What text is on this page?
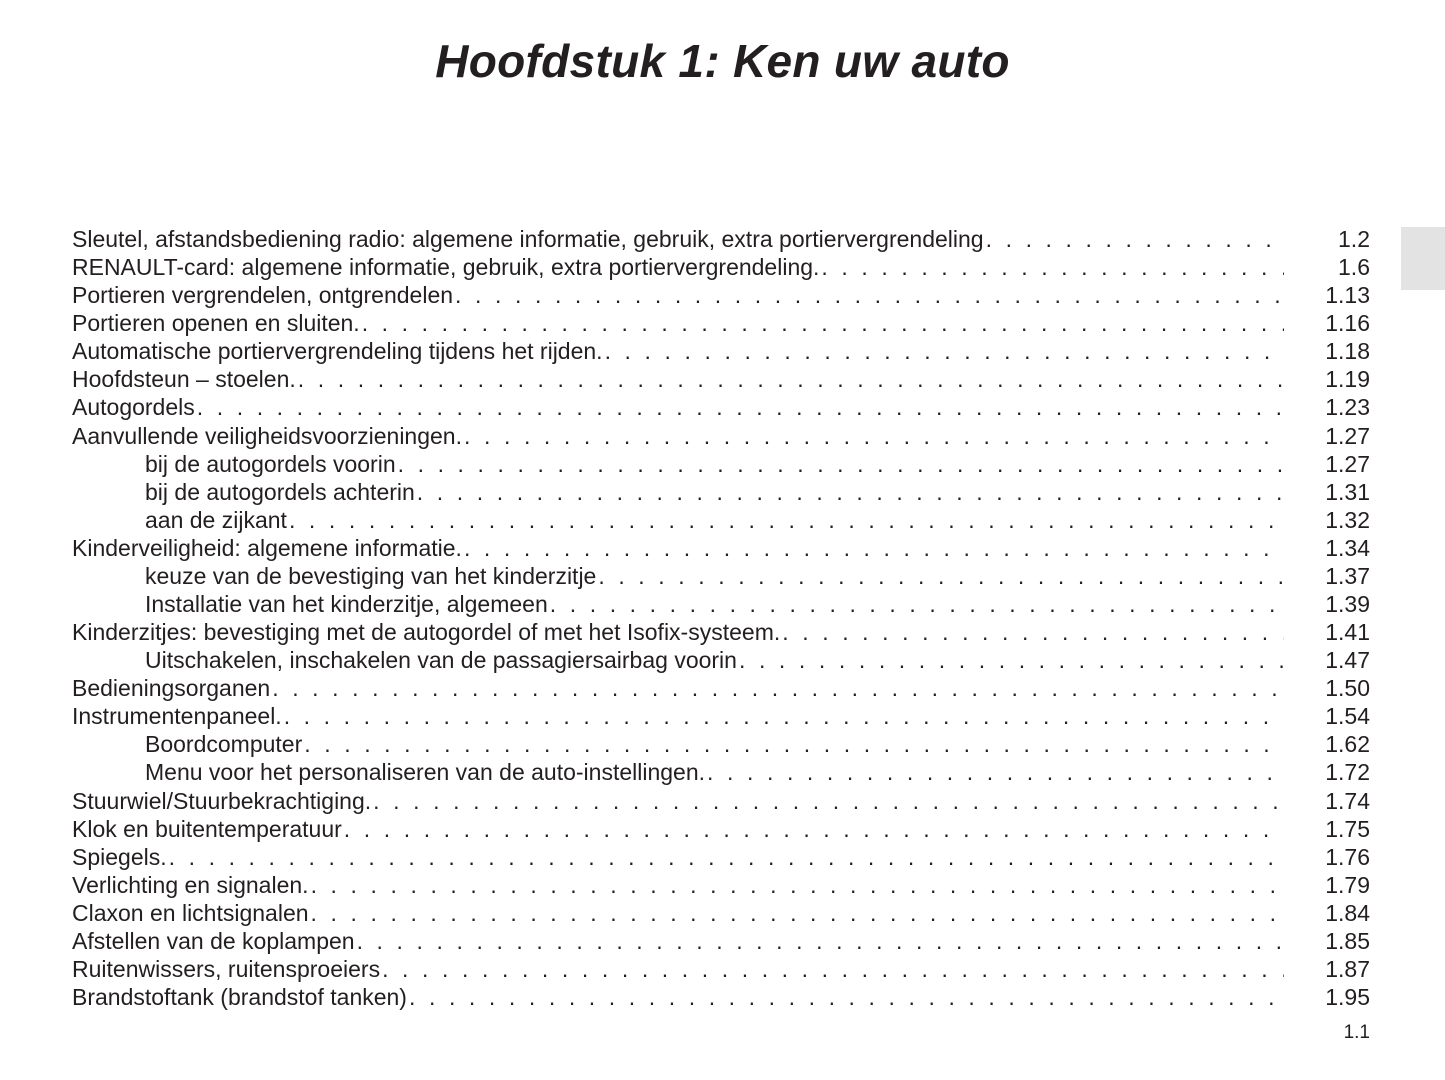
Hoofdstuk 1: Ken uw auto
Sleutel, afstandsbediening radio: algemene informatie, gebruik, extra portiervergrendeling . . .	1.2
RENAULT-card: algemene informatie, gebruik, extra portiervergrendeling. . . .	1.6
Portieren vergrendelen, ontgrendelen . . .	1.13
Portieren openen en sluiten. . . .	1.16
Automatische portiervergrendeling tijdens het rijden. . . .	1.18
Hoofdsteun – stoelen. . . .	1.19
Autogordels . . .	1.23
Aanvullende veiligheidsvoorzieningen. . . .	1.27
bij de autogordels voorin . . .	1.27
bij de autogordels achterin . . .	1.31
aan de zijkant . . .	1.32
Kinderveiligheid: algemene informatie. . . .	1.34
keuze van de bevestiging van het kinderzitje . . .	1.37
Installatie van het kinderzitje, algemeen . . .	1.39
Kinderzitjes: bevestiging met de autogordel of met het Isofix-systeem. . . .	1.41
Uitschakelen, inschakelen van de passagiersairbag voorin . . .	1.47
Bedieningsorganen . . .	1.50
Instrumentenpaneel. . . .	1.54
Boordcomputer . . .	1.62
Menu voor het personaliseren van de auto-instellingen. . . .	1.72
Stuurwiel/Stuurbekrachtiging. . . .	1.74
Klok en buitentemperatuur . . .	1.75
Spiegels. . . .	1.76
Verlichting en signalen. . . .	1.79
Claxon en lichtsignalen . . .	1.84
Afstellen van de koplampen . . .	1.85
Ruitenwissers, ruitensproeiers . . .	1.87
Brandstoftank (brandstof tanken) . . .	1.95

1.1
